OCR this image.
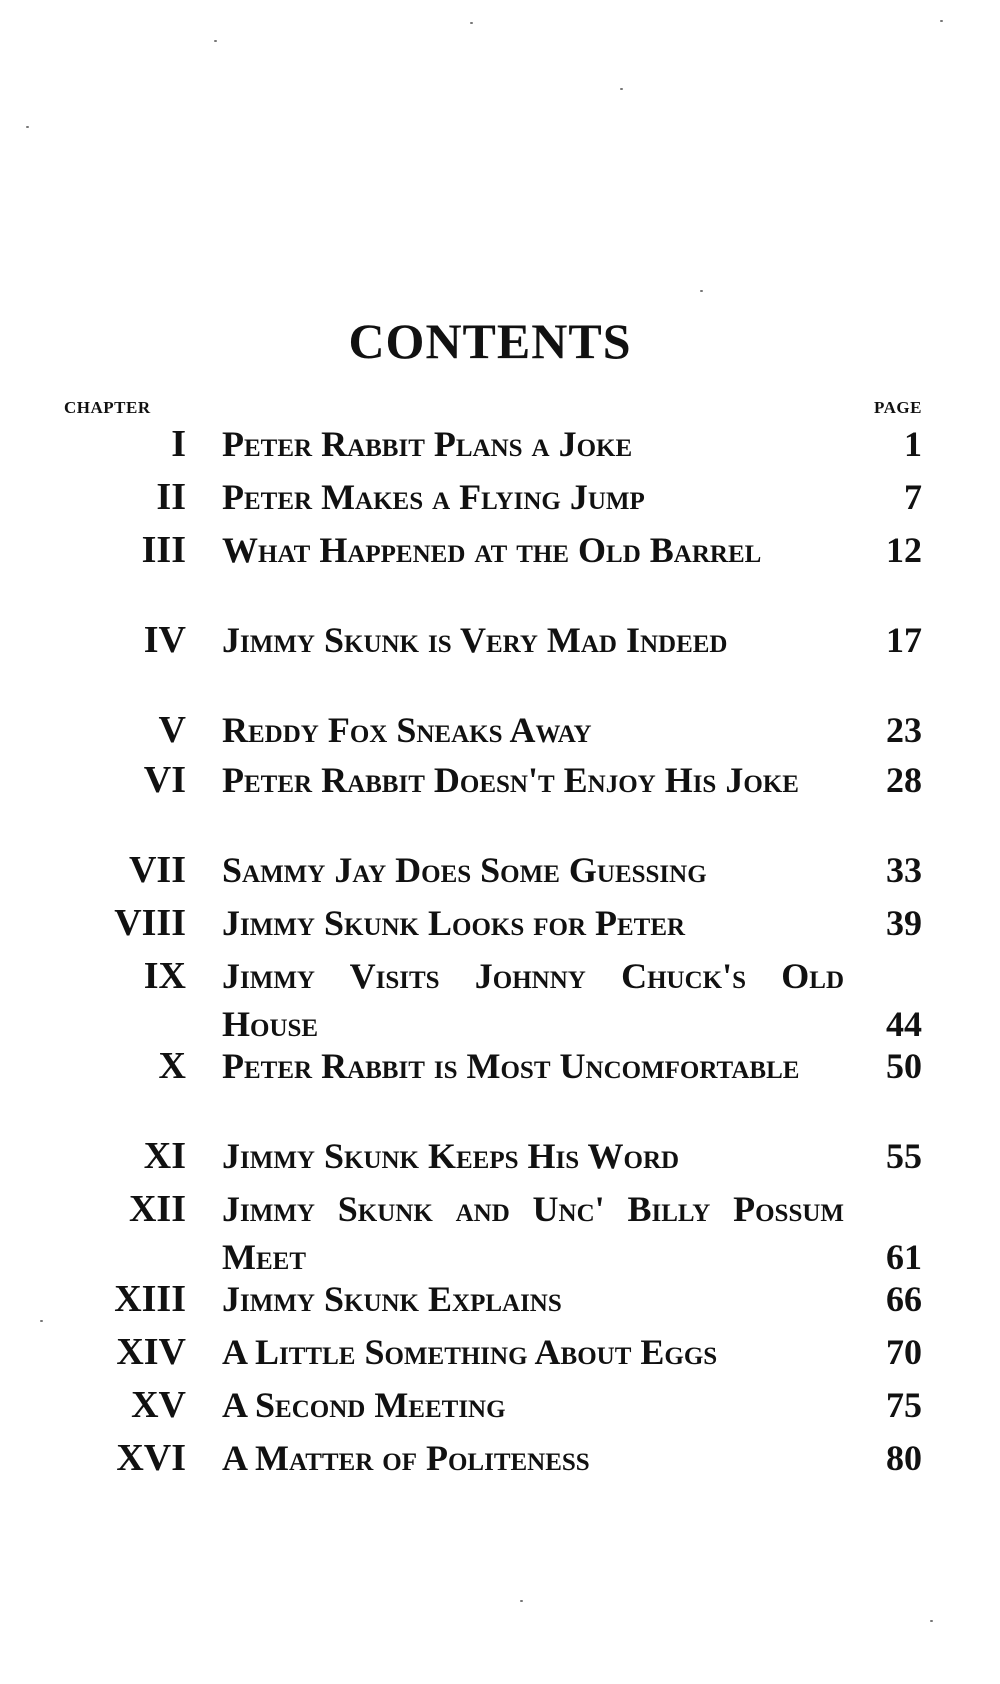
CONTENTS
CHAPTER	PAGE
I Peter Rabbit Plans a Joke	1
II Peter Makes a Flying Jump	7
III What Happened at the Old Barrel	12
IV Jimmy Skunk is Very Mad Indeed	17
V Reddy Fox Sneaks Away	23
VI Peter Rabbit Doesn't Enjoy His Joke	28
VII Sammy Jay Does Some Guessing	33
VIII Jimmy Skunk Looks for Peter	39
IX Jimmy Visits Johnny Chuck's Old House	44
X Peter Rabbit is Most Uncomfortable	50
XI Jimmy Skunk Keeps His Word	55
XII Jimmy Skunk and Unc' Billy Possum Meet	61
XIII Jimmy Skunk Explains	66
XIV A Little Something About Eggs	70
XV A Second Meeting	75
XVI A Matter of Politeness	80
